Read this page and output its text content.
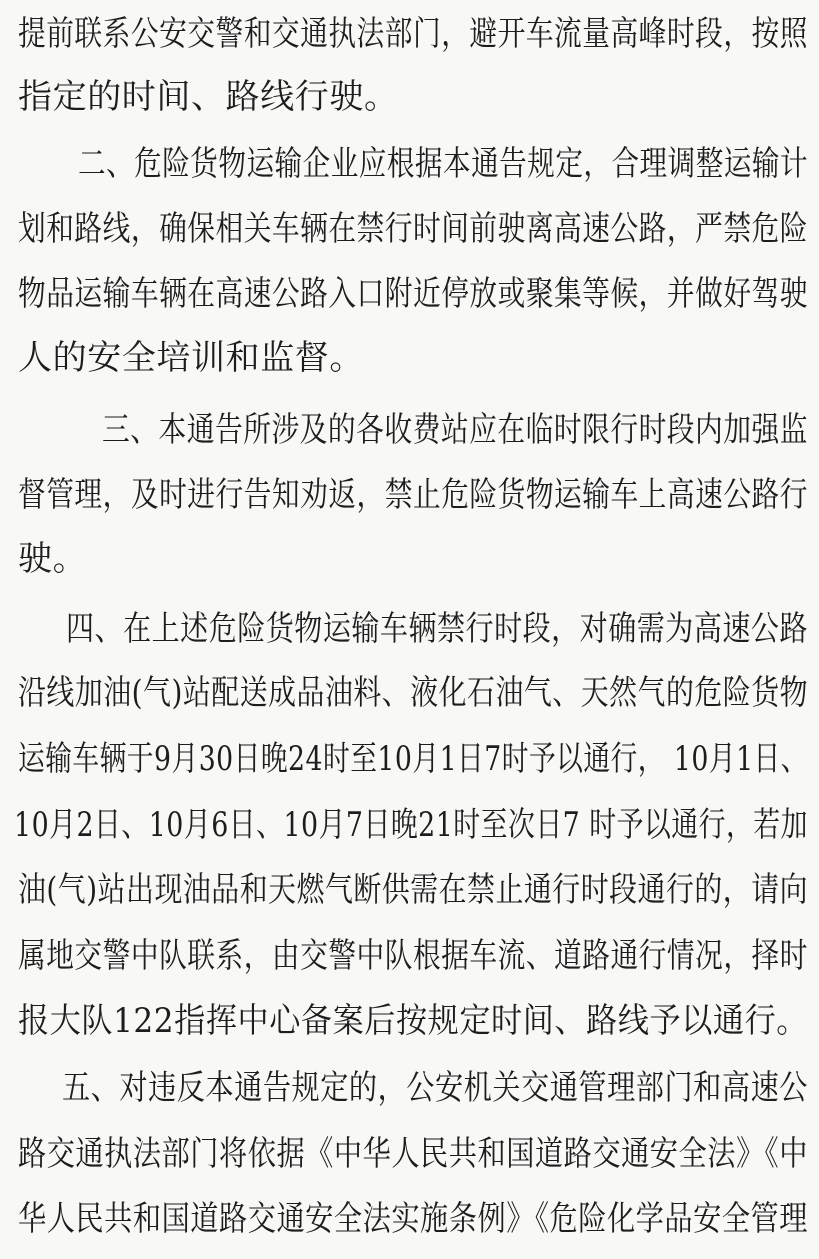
提前联系公安交警和交通执法部门，避开车流量高峰时段，按照
指定的时间、路线行驶。
二、危险货物运输企业应根据本通告规定，合理调整运输计
划和路线，确保相关车辆在禁行时间前驶离高速公路，严禁危险
物品运输车辆在高速公路入口附近停放或聚集等候，并做好驾驶
人的安全培训和监督。
三、本通告所涉及的各收费站应在临时限行时段内加强监
督管理，及时进行告知劝返，禁止危险货物运输车上高速公路行
驶。
四、在上述危险货物运输车辆禁行时段，对确需为高速公路
沿线加油(气)站配送成品油料、液化石油气、天然气的危险货物
运输车辆于9月30日晚24时至10月1日7时予以通行， 10月1日、
10月2日、10月6日、10月7日晚21时至次日7 时予以通行，若加
油(气)站出现油品和天燃气断供需在禁止通行时段通行的，请向
属地交警中队联系，由交警中队根据车流、道路通行情况，择时
报大队122指挥中心备案后按规定时间、路线予以通行。
五、对违反本通告规定的，公安机关交通管理部门和高速公
路交通执法部门将依据《中华人民共和国道路交通安全法》《中
华人民共和国道路交通安全法实施条例》《危险化学品安全管理
